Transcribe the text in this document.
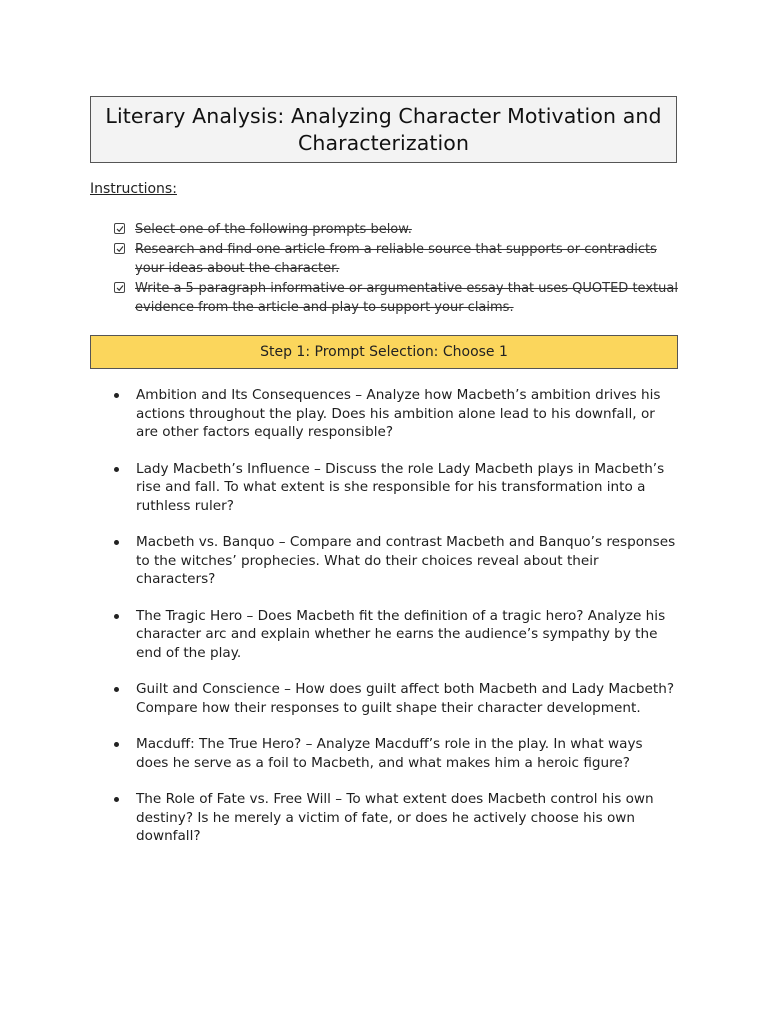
Literary Analysis: Analyzing Character Motivation and Characterization
Instructions:
Select one of the following prompts below.
Research and find one article from a reliable source that supports or contradicts your ideas about the character.
Write a 5-paragraph informative or argumentative essay that uses QUOTED textual evidence from the article and play to support your claims.
Step 1: Prompt Selection: Choose 1
Ambition and Its Consequences – Analyze how Macbeth’s ambition drives his actions throughout the play. Does his ambition alone lead to his downfall, or are other factors equally responsible?
Lady Macbeth’s Influence – Discuss the role Lady Macbeth plays in Macbeth’s rise and fall. To what extent is she responsible for his transformation into a ruthless ruler?
Macbeth vs. Banquo – Compare and contrast Macbeth and Banquo’s responses to the witches’ prophecies. What do their choices reveal about their characters?
The Tragic Hero – Does Macbeth fit the definition of a tragic hero? Analyze his character arc and explain whether he earns the audience’s sympathy by the end of the play.
Guilt and Conscience – How does guilt affect both Macbeth and Lady Macbeth? Compare how their responses to guilt shape their character development.
Macduff: The True Hero? – Analyze Macduff’s role in the play. In what ways does he serve as a foil to Macbeth, and what makes him a heroic figure?
The Role of Fate vs. Free Will – To what extent does Macbeth control his own destiny? Is he merely a victim of fate, or does he actively choose his own downfall?
